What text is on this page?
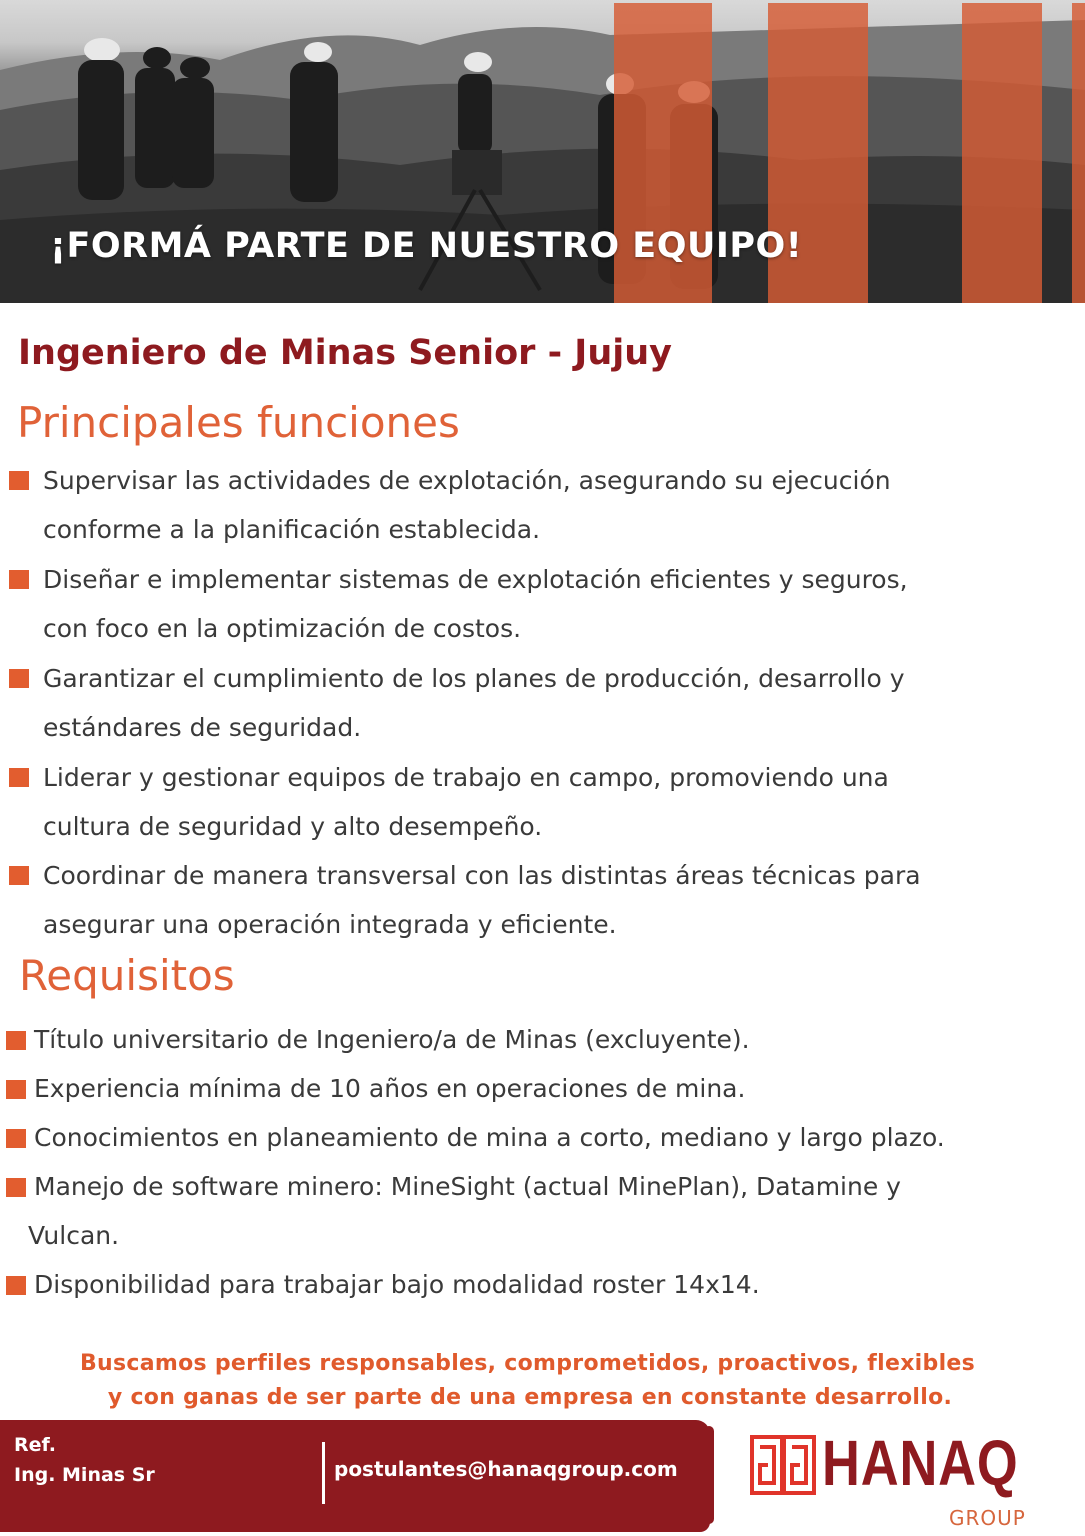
¡FORMÁ PARTE DE NUESTRO EQUIPO!
Ingeniero de Minas Senior - Jujuy
Principales funciones
Supervisar las actividades de explotación, asegurando su ejecución
conforme a la planificación establecida.
Diseñar e implementar sistemas de explotación eficientes y seguros,
con foco en la optimización de costos.
Garantizar el cumplimiento de los planes de producción, desarrollo y
estándares de seguridad.
Liderar y gestionar equipos de trabajo en campo, promoviendo una
cultura de seguridad y alto desempeño.
Coordinar de manera transversal con las distintas áreas técnicas para
asegurar una operación integrada y eficiente.
Requisitos
Título universitario de Ingeniero/a de Minas (excluyente).
Experiencia mínima de 10 años en operaciones de mina.
Conocimientos en planeamiento de mina a corto, mediano y largo plazo.
Manejo de software minero: MineSight (actual MinePlan), Datamine y
Vulcan.
Disponibilidad para trabajar bajo modalidad roster 14x14.
Buscamos perfiles responsables, comprometidos, proactivos, flexibles
y con ganas de ser parte de una empresa en constante desarrollo.
Ref.
Ing. Minas Sr	postulantes@hanaqgroup.com HANAQ
GROUP
